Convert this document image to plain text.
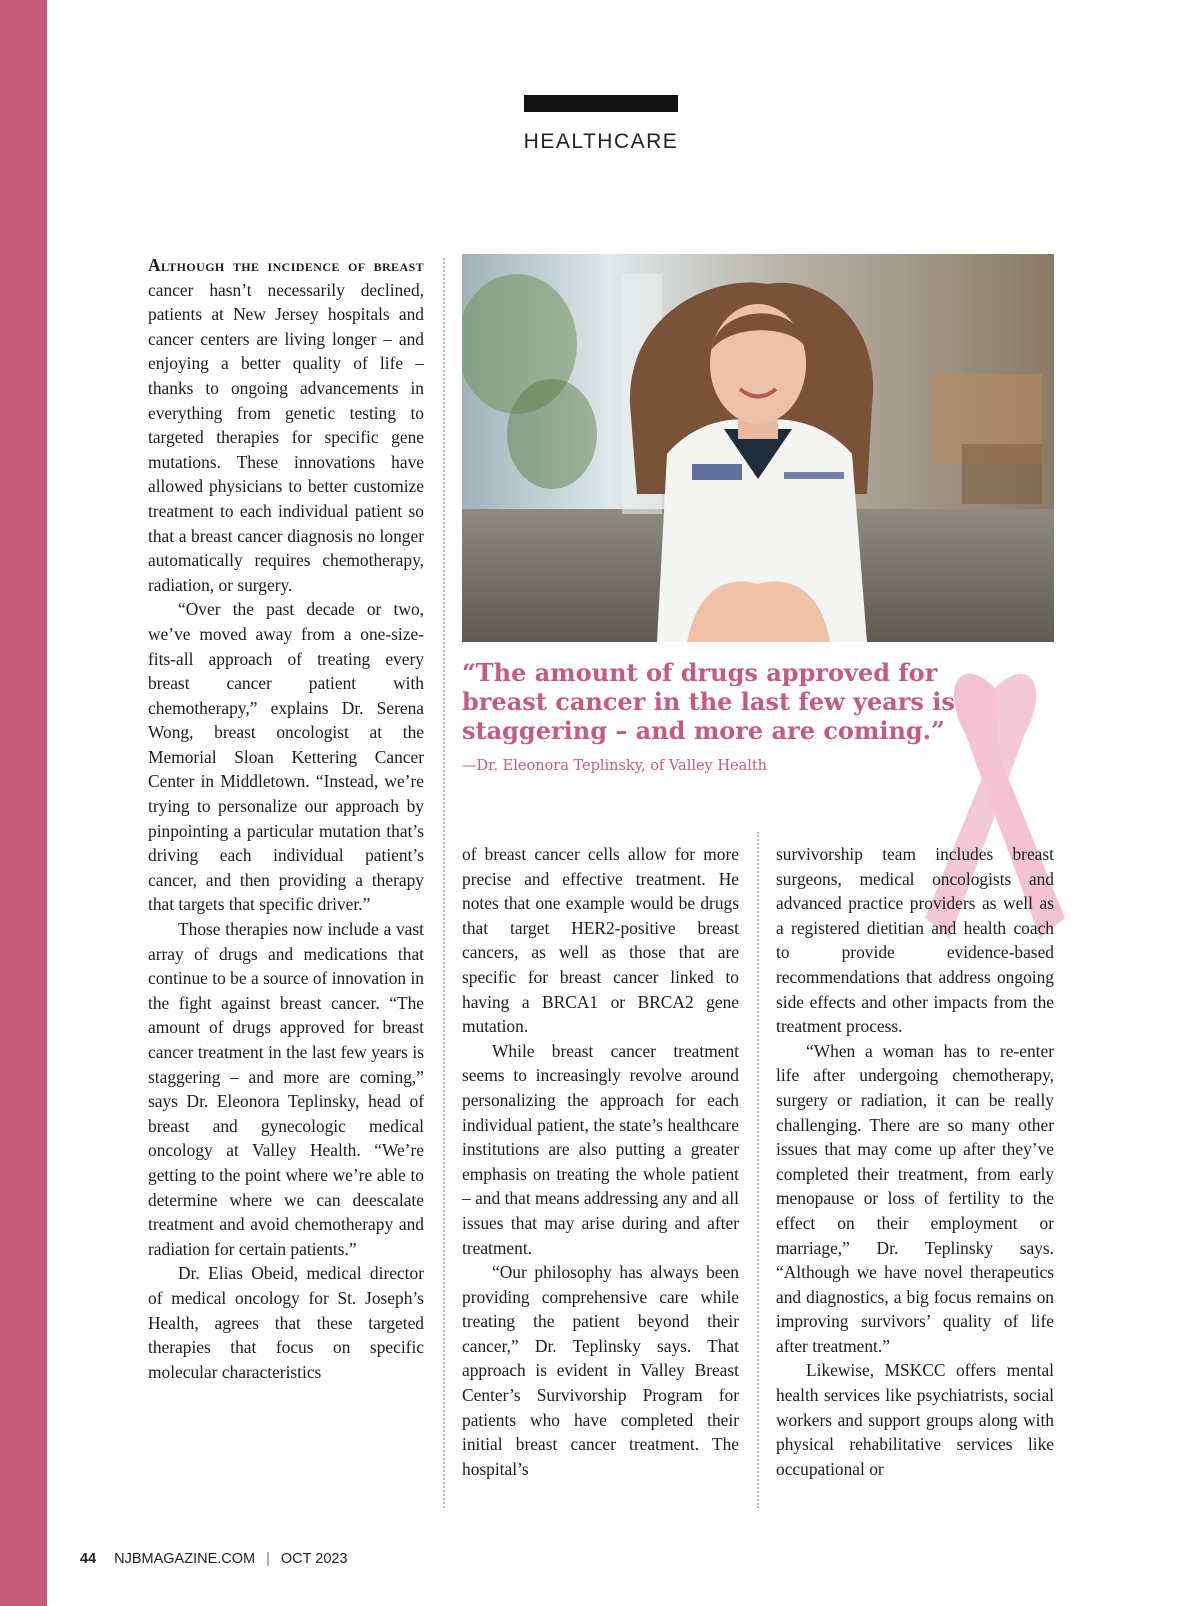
HEALTHCARE

Although the incidence of breast cancer hasn’t necessarily declined, patients at New Jersey hospitals and cancer centers are living longer – and enjoying a better quality of life – thanks to ongoing advancements in everything from genetic testing to targeted therapies for specific gene mutations. These innovations have allowed physicians to better customize treatment to each individual patient so that a breast cancer diagnosis no longer automatically requires chemotherapy, radiation, or surgery.

“Over the past decade or two, we’ve moved away from a one-size-fits-all approach of treating every breast cancer patient with chemotherapy,” explains Dr. Serena Wong, breast oncologist at the Memorial Sloan Kettering Cancer Center in Middletown. “Instead, we’re trying to personalize our approach by pinpointing a particular mutation that’s driving each individual patient’s cancer, and then providing a therapy that targets that specific driver.”

Those therapies now include a vast array of drugs and medications that continue to be a source of innovation in the fight against breast cancer. “The amount of drugs approved for breast cancer treatment in the last few years is staggering – and more are coming,” says Dr. Eleonora Teplinsky, head of breast and gynecologic medical oncology at Valley Health. “We’re getting to the point where we’re able to determine where we can deescalate treatment and avoid chemotherapy and radiation for certain patients.”

Dr. Elias Obeid, medical director of medical oncology for St. Joseph’s Health, agrees that these targeted therapies that focus on specific molecular characteristics

“The amount of drugs approved for breast cancer in the last few years is staggering – and more are coming.”
—Dr. Eleonora Teplinsky, of Valley Health

of breast cancer cells allow for more precise and effective treatment. He notes that one example would be drugs that target HER2-positive breast cancers, as well as those that are specific for breast cancer linked to having a BRCA1 or BRCA2 gene mutation.

While breast cancer treatment seems to increasingly revolve around personalizing the approach for each individual patient, the state’s healthcare institutions are also putting a greater emphasis on treating the whole patient – and that means addressing any and all issues that may arise during and after treatment.

“Our philosophy has always been providing comprehensive care while treating the patient beyond their cancer,” Dr. Teplinsky says. That approach is evident in Valley Breast Center’s Survivorship Program for patients who have completed their initial breast cancer treatment. The hospital’s

survivorship team includes breast surgeons, medical oncologists and advanced practice providers as well as a registered dietitian and health coach to provide evidence-based recommendations that address ongoing side effects and other impacts from the treatment process.

“When a woman has to re-enter life after undergoing chemotherapy, surgery or radiation, it can be really challenging. There are so many other issues that may come up after they’ve completed their treatment, from early menopause or loss of fertility to the effect on their employment or marriage,” Dr. Teplinsky says. “Although we have novel therapeutics and diagnostics, a big focus remains on improving survivors’ quality of life after treatment.”

Likewise, MSKCC offers mental health services like psychiatrists, social workers and support groups along with physical rehabilitative services like occupational or

44 NJBMAGAZINE.COM | OCT 2023
